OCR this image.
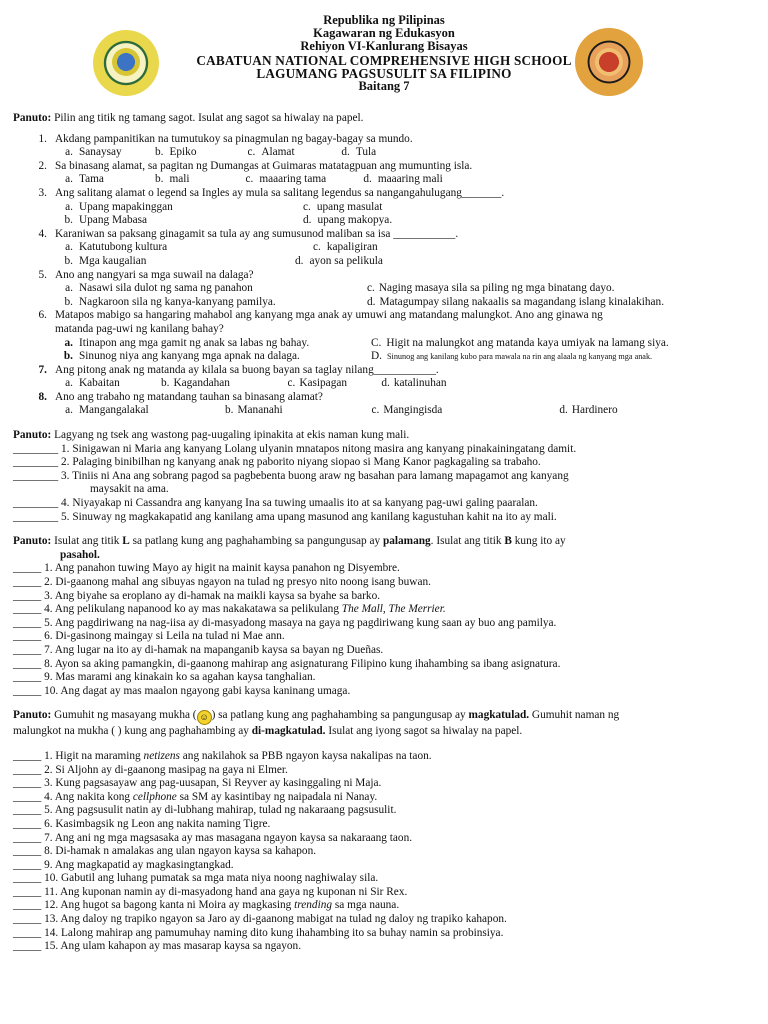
Republika ng Pilipinas
Kagawaran ng Edukasyon
Rehiyon VI-Kanlurang Bisayas
CABATUAN NATIONAL COMPREHENSIVE HIGH SCHOOL
LAGUMANG PAGSUSULIT SA FILIPINO
Baitang 7
Panuto: Pilin ang titik ng tamang sagot. Isulat ang sagot sa hiwalay na papel.
1. Akdang pampanitikan na tumutukoy sa pinagmulan ng bagay-bagay sa mundo.
a. Sanaysay	b. Epiko	c. Alamat	d. Tula
2. Sa binasang alamat, sa pagitan ng Dumangas at Guimaras matatagpuan ang mumunting isla.
a. Tama	b. mali	c. maaaring tama	d. maaaring mali
3. Ang salitang alamat o legend sa Ingles ay mula sa salitang legendus sa nangangahulugang_______.
a. Upang mapakinggan	c. upang masulat
b. Upang Mabasa	d. upang makopya.
4. Karaniwan sa paksang ginagamit sa tula ay ang sumusunod maliban sa isa ___________.
a. Katutubong kultura	c. kapaligiran
b. Mga kaugalian	d. ayon sa pelikula
5. Ano ang nangyari sa mga suwail na dalaga?
a. Nasawi sila dulot ng sama ng panahon	c. Naging masaya sila sa piling ng mga binatang dayo.
b. Nagkaroon sila ng kanya-kanyang pamilya.	d. Matagumpay silang nakaalis sa magandang islang kinalakihan.
6. Matapos mabigo sa hangaring mahabol ang kanyang mga anak ay umuwi ang matandang malungkot. Ano ang ginawa ng
matanda pag-uwi ng kanilang bahay?
a. Itinapon ang mga gamit ng anak sa labas ng bahay.	C. Higit na malungkot ang matanda kaya umiyak na lamang siya.
b. Sinunog niya ang kanyang mga apnak na dalaga.	D. Sinunog ang kanilang kubo para mawala na rin ang alaala ng kanyang mga anak.
7. Ang pitong anak ng matanda ay kilala sa buong bayan sa taglay nilang___________.
a. Kabaitan	b. Kagandahan	c. Kasipagan	d. katalinuhan
8. Ano ang trabaho ng matandang tauhan sa binasang alamat?
a. Mangangalakal	b. Mananahi	c. Mangingisda	d. Hardinero
Panuto: Lagyang ng tsek ang wastong pag-uugaling ipinakita at ekis naman kung mali.
________ 1. Sinigawan ni Maria ang kanyang Lolang ulyanin mnatapos nitong masira ang kanyang pinakainingatang damit.
________ 2. Palaging binibilhan ng kanyang anak ng paborito niyang siopao si Mang Kanor pagkagaling sa trabaho.
________ 3. Tiniis ni Ana ang sobrang pagod sa pagbebenta buong araw ng basahan para lamang mapagamot ang kanyang
maysakit na ama.
________ 4. Niyayakap ni Cassandra ang kanyang Ina sa tuwing umaalis ito at sa kanyang pag-uwi galing paaralan.
________ 5. Sinuway ng magkakapatid ang kanilang ama upang masunod ang kanilang kagustuhan kahit na ito ay mali.
Panuto: Isulat ang titik L sa patlang kung ang paghahambing sa pangungusap ay palamang. Isulat ang titik B kung ito ay
pasahol.
_____ 1. Ang panahon tuwing Mayo ay higit na mainit kaysa panahon ng Disyembre.
_____ 2. Di-gaanong mahal ang sibuyas ngayon na tulad ng presyo nito noong isang buwan.
_____ 3. Ang biyahe sa eroplano ay di-hamak na maikli kaysa sa byahe sa barko.
_____ 4. Ang pelikulang napanood ko ay mas nakakatawa sa pelikulang The Mall, The Merrier.
_____ 5. Ang pagdiriwang na nag-iisa ay di-masyadong masaya na gaya ng pagdiriwang kung saan ay buo ang pamilya.
_____ 6. Di-gasinong maingay si Leila na tulad ni Mae ann.
_____ 7. Ang lugar na ito ay di-hamak na mapanganib kaysa sa bayan ng Dueñas.
_____ 8. Ayon sa aking pamangkin, di-gaanong mahirap ang asignaturang Filipino kung ihahambing sa ibang asignatura.
_____ 9. Mas marami ang kinakain ko sa agahan kaysa tanghalian.
_____ 10. Ang dagat ay mas maalon ngayong gabi kaysa kaninang umaga.
Panuto: Gumuhit ng masayang mukha ( ☺ ) sa patlang kung ang paghahambing sa pangungusap ay magkatulad. Gumuhit naman ng
malungkot na mukha ( ) kung ang paghahambing ay di-magkatulad. Isulat ang iyong sagot sa hiwalay na papel.
_____ 1. Higit na maraming netizens ang nakilahok sa PBB ngayon kaysa nakalipas na taon.
_____ 2. Si Aljohn ay di-gaanong masipag na gaya ni Elmer.
_____ 3. Kung pagsasayaw ang pag-uusapan, Si Reyver ay kasinggaling ni Maja.
_____ 4. Ang nakita kong cellphone sa SM ay kasintibay ng naipadala ni Nanay.
_____ 5. Ang pagsusulit natin ay di-lubhang mahirap, tulad ng nakaraang pagsusulit.
_____ 6. Kasimbagsik ng Leon ang nakita naming Tigre.
_____ 7. Ang ani ng mga magsasaka ay mas masagana ngayon kaysa sa nakaraang taon.
_____ 8. Di-hamak n amalakas ang ulan ngayon kaysa sa kahapon.
_____ 9. Ang magkapatid ay magkasingtangkad.
_____ 10. Gabutil ang luhang pumatak sa mga mata niya noong naghiwalay sila.
_____ 11. Ang kuponan namin ay di-masyadong hand ana gaya ng kuponan ni Sir Rex.
_____ 12. Ang hugot sa bagong kanta ni Moira ay magkasing trending sa mga nauna.
_____ 13. Ang daloy ng trapiko ngayon sa Jaro ay di-gaanong mabigat na tulad ng daloy ng trapiko kahapon.
_____ 14. Lalong mahirap ang pamumuhay naming dito kung ihahambing ito sa buhay namin sa probinsiya.
_____ 15. Ang ulam kahapon ay mas masarap kaysa sa ngayon.
